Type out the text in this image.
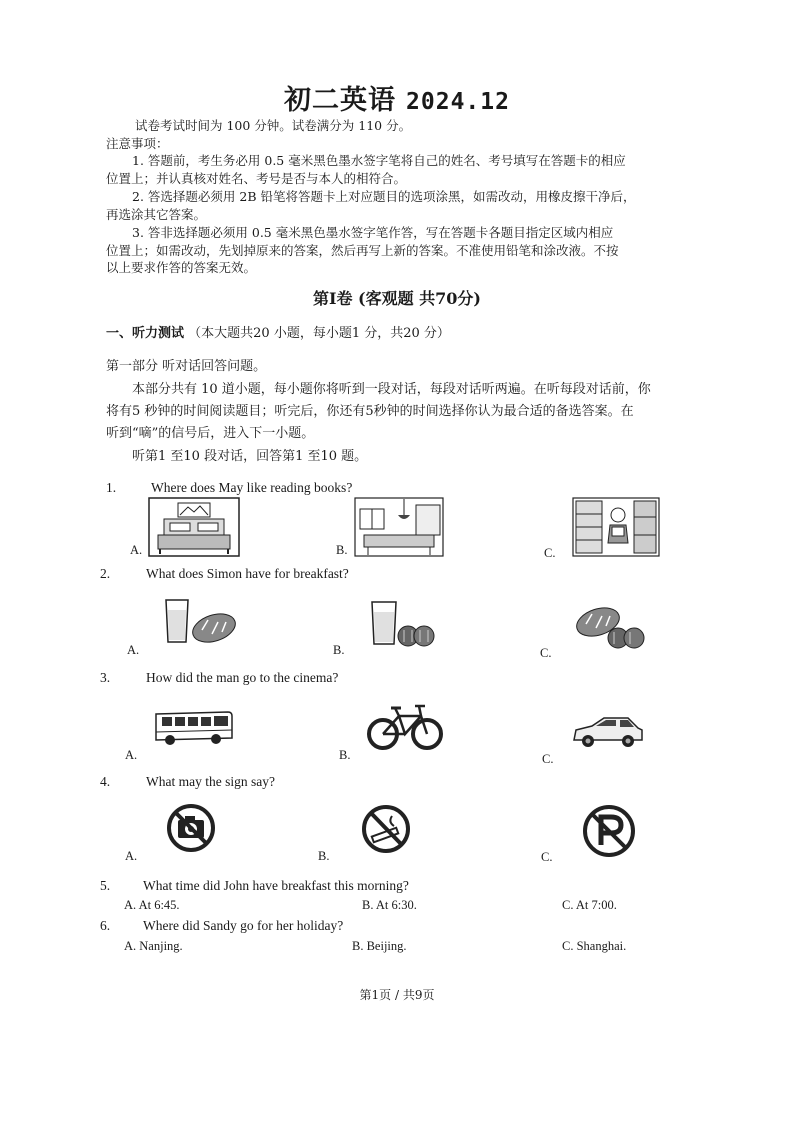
初二英语 2024.12
试卷考试时间为 100 分钟。试卷满分为 110 分。
注意事项：
1. 答题前，考生务必用 0.5 毫米黑色墨水签字笔将自己的姓名、考号填写在答题卡的相应
位置上；并认真核对姓名、考号是否与本人的相符合。
2. 答选择题必须用 2B 铅笔将答题卡上对应题目的选项涂黑，如需改动，用橡皮擦干净后，
再选涂其它答案。
3. 答非选择题必须用 0.5 毫米黑色墨水签字笔作答，写在答题卡各题目指定区域内相应
位置上；如需改动，先划掉原来的答案，然后再写上新的答案。不准使用铅笔和涂改液。不按
以上要求作答的答案无效。
第Ⅰ卷 (客观题 共70分)
一、听力测试 （本大题共20 小题，每小题1 分，共20 分）
第一部分 听对话回答问题。
本部分共有 10 道小题，每小题你将听到一段对话，每段对话听两遍。在听每段对话前，你
将有5 秒钟的时间阅读题目；听完后，你还有5秒钟的时间选择你认为最合适的备选答案。在
听到“嘀”的信号后，进入下一小题。
听第1 至10 段对话，回答第1 至10 题。
1.	Where does May like reading books?
A.	B.	C.
2.	What does Simon have for breakfast?
A.	B.	C.
3.	How did the man go to the cinema?
A.	B.	C.
4.	What may the sign say?
A.	B.	C.
5. What time did John have breakfast this morning?
A. At 6:45.	B. At 6:30.	C. At 7:00.
6. Where did Sandy go for her holiday?
A. Nanjing.	B. Beijing.	C. Shanghai.
第1页 / 共9页
